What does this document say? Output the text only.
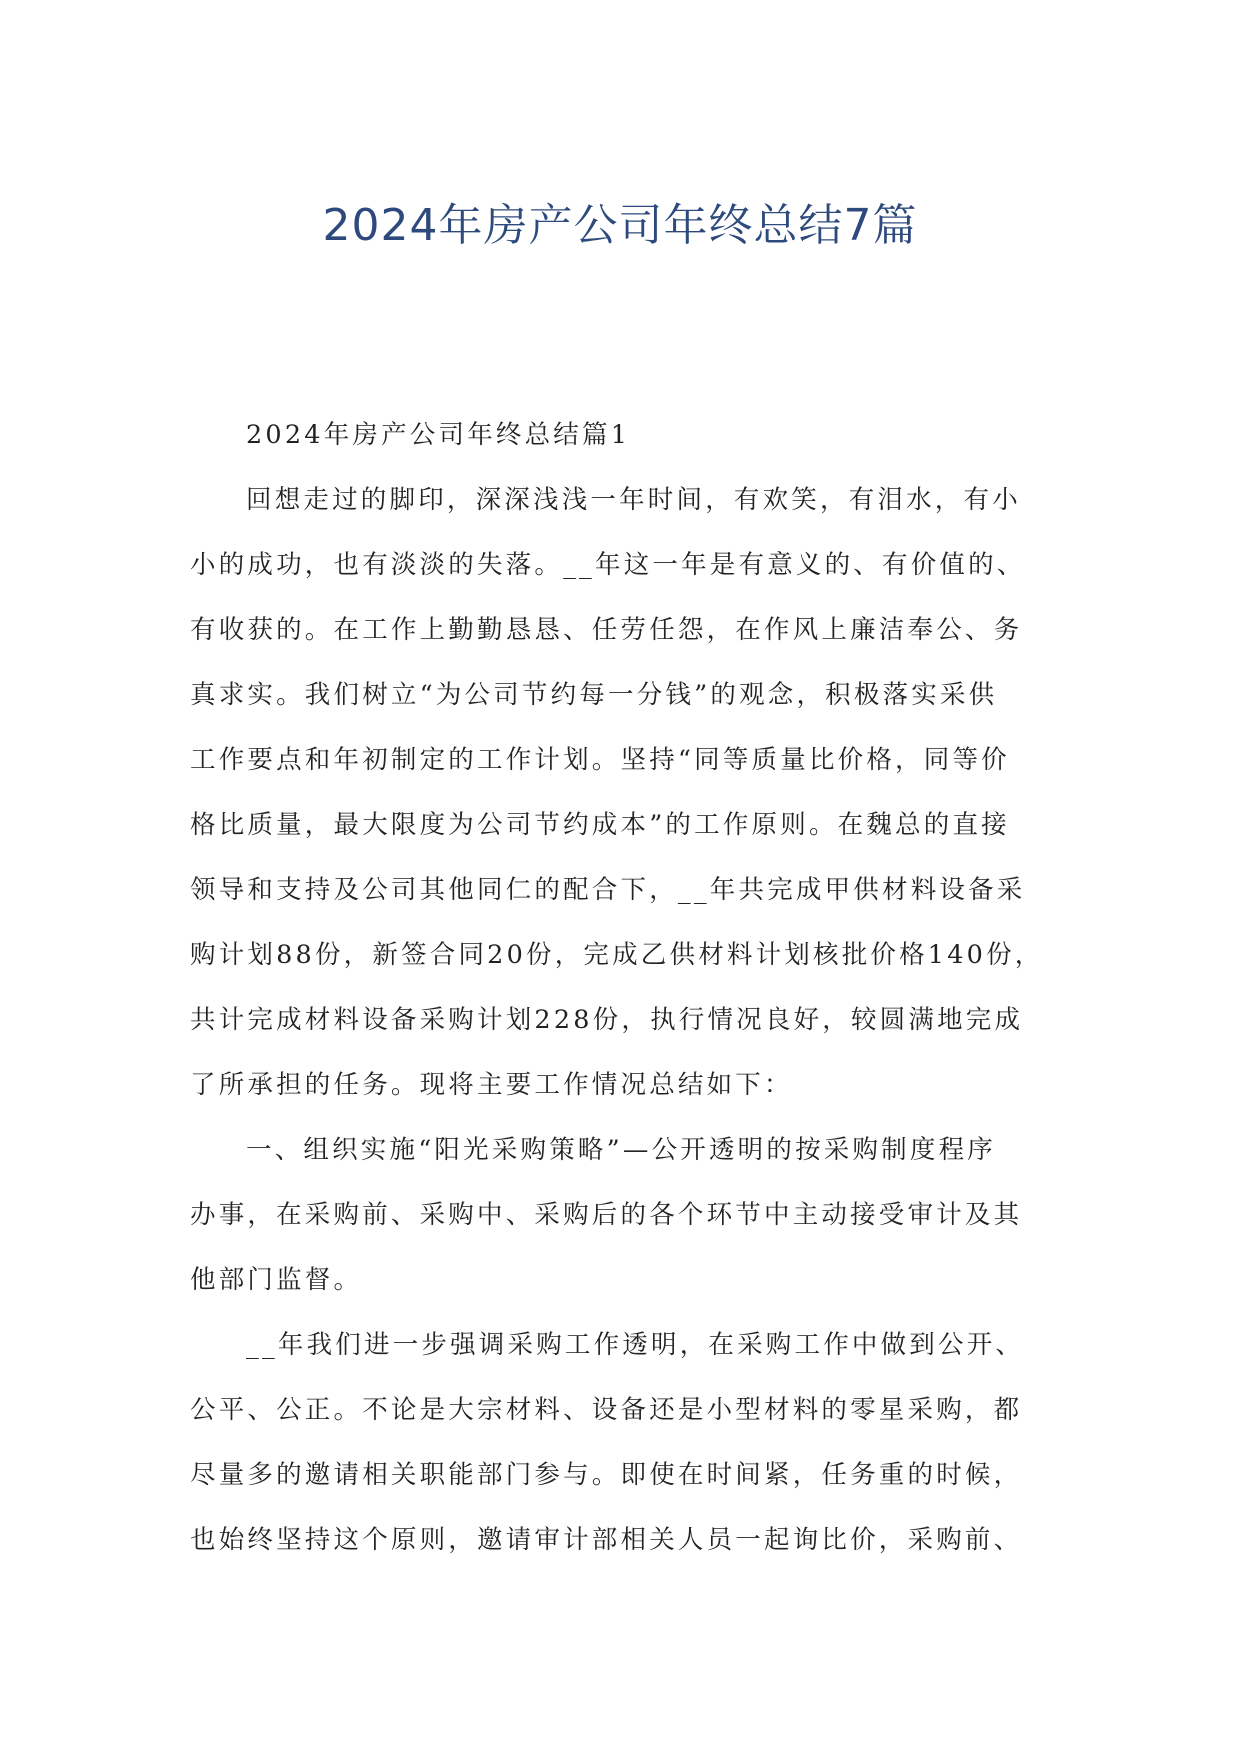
2024年房产公司年终总结7篇
2024年房产公司年终总结篇1
回想走过的脚印，深深浅浅一年时间，有欢笑，有泪水，有小
小的成功，也有淡淡的失落。__年这一年是有意义的、有价值的、
有收获的。在工作上勤勤恳恳、任劳任怨，在作风上廉洁奉公、务
真求实。我们树立“为公司节约每一分钱”的观念，积极落实采供
工作要点和年初制定的工作计划。坚持“同等质量比价格，同等价
格比质量，最大限度为公司节约成本”的工作原则。在魏总的直接
领导和支持及公司其他同仁的配合下，__年共完成甲供材料设备采
购计划88份，新签合同20份，完成乙供材料计划核批价格140份，
共计完成材料设备采购计划228份，执行情况良好，较圆满地完成
了所承担的任务。现将主要工作情况总结如下：
一、组织实施“阳光采购策略”—公开透明的按采购制度程序
办事，在采购前、采购中、采购后的各个环节中主动接受审计及其
他部门监督。
__年我们进一步强调采购工作透明，在采购工作中做到公开、
公平、公正。不论是大宗材料、设备还是小型材料的零星采购，都
尽量多的邀请相关职能部门参与。即使在时间紧，任务重的时候，
也始终坚持这个原则，邀请审计部相关人员一起询比价，采购前、
